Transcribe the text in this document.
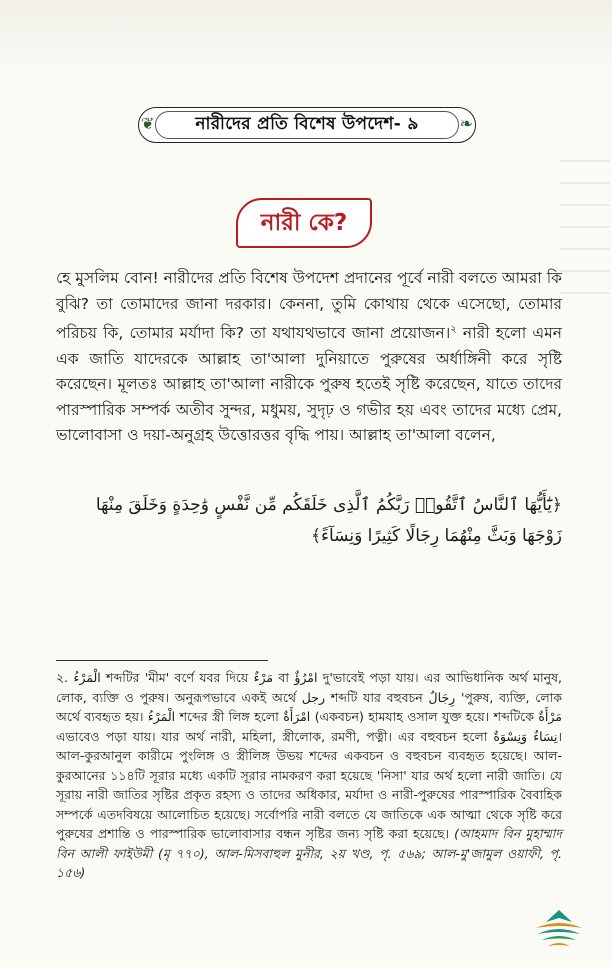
❦ নারীদের প্রতি বিশেষ উপদেশ- ৯	❧
নারী কে?

হে মুসলিম বোন! নারীদের প্রতি বিশেষ উপদেশ প্রদানের পূর্বে নারী বলতে আমরা কি বুঝি? তা তোমাদের জানা দরকার। কেননা, তুমি কোথায় থেকে এসেছো, তোমার পরিচয় কি, তোমার মর্যাদা কি? তা যথাযথভাবে জানা প্রয়োজন।$^২$ নারী হলো এমন এক জাতি যাদেরকে আল্লাহ তা'আলা দুনিয়াতে পুরুষের অর্ধাঙ্গিনী করে সৃষ্টি করেছেন। মূলতঃ আল্লাহ তা'আলা নারীকে পুরুষ হতেই সৃষ্টি করেছেন, যাতে তাদের পারস্পারিক সম্পর্ক অতীব সুন্দর, মধুময়, সুদৃঢ় ও গভীর হয় এবং তাদের মধ্যে প্রেম, ভালোবাসা ও দয়া-অনুগ্রহ উত্তোরত্তর বৃদ্ধি পায়। আল্লাহ তা'আলা বলেন,

﴿يَٰٓأَيُّهَا ٱلنَّاسُ ٱتَّقُوا۟ رَبَّكُمُ ٱلَّذِى خَلَقَكُم مِّن نَّفْسٍ وَٰحِدَةٍ وَخَلَقَ مِنْهَا زَوْجَهَا وَبَثَّ مِنْهُمَا رِجَالًا كَثِيرًا وَنِسَآءً﴾

২. الْمَرْءُ শব্দটির 'মীম' বর্ণে যবর দিয়ে مَرْءٌ বা امْرُؤٌ দু'ভাবেই পড়া যায়। এর আভিধানিক অর্থ মানুষ, লোক, ব্যক্তি ও পুরুষ। অনুরূপভাবে একই অর্থে رجل শব্দটি যার বহুবচন رِجَالٌ 'পুরুষ, ব্যক্তি, লোক অর্থে ব্যবহৃত হয়। الْمَرْءُ শব্দের স্ত্রী লিঙ্গ হলো امْرَأَةٌ (একবচন) হামযাহ ওসাল যুক্ত হয়ে। শব্দটিকে مَرْأَةٌ এভাবেও পড়া যায়। যার অর্থ নারী, মহিলা, স্ত্রীলোক, রমণী, পত্নী। এর বহুবচন হলো نِسَاءٌ وَنِسْوَةٌ। আল-কুরআনুল কারীমে পুংলিঙ্গ ও স্ত্রীলিঙ্গ উভয় শব্দের একবচন ও বহুবচন ব্যবহৃত হয়েছে। আল-কুরআনের ১১৪টি সূরার মধ্যে একটি সূরার নামকরণ করা হয়েছে 'নিসা' যার অর্থ হলো নারী জাতি। যে সূরায় নারী জাতির সৃষ্টির প্রকৃত রহস্য ও তাদের অধিকার, মর্যাদা ও নারী-পুরুষের পারস্পারিক বৈবাহিক সম্পর্কে এতদবিষয়ে আলোচিত হয়েছে। সর্বোপরি নারী বলতে যে জাতিকে এক আত্মা থেকে সৃষ্টি করে পুরুষের প্রশান্তি ও পারস্পারিক ভালোবাসার বন্ধন সৃষ্টির জন্য সৃষ্টি করা হয়েছে। (আহমাদ বিন মুহাম্মাদ বিন আলী ফাইউমী (মৃ ৭৭০), আল-মিসবাহুল মুনীর, ২য় খণ্ড, পৃ. ৫৬৯; আল-মু'জামুল ওয়াফী, পৃ. ১৫৬)
